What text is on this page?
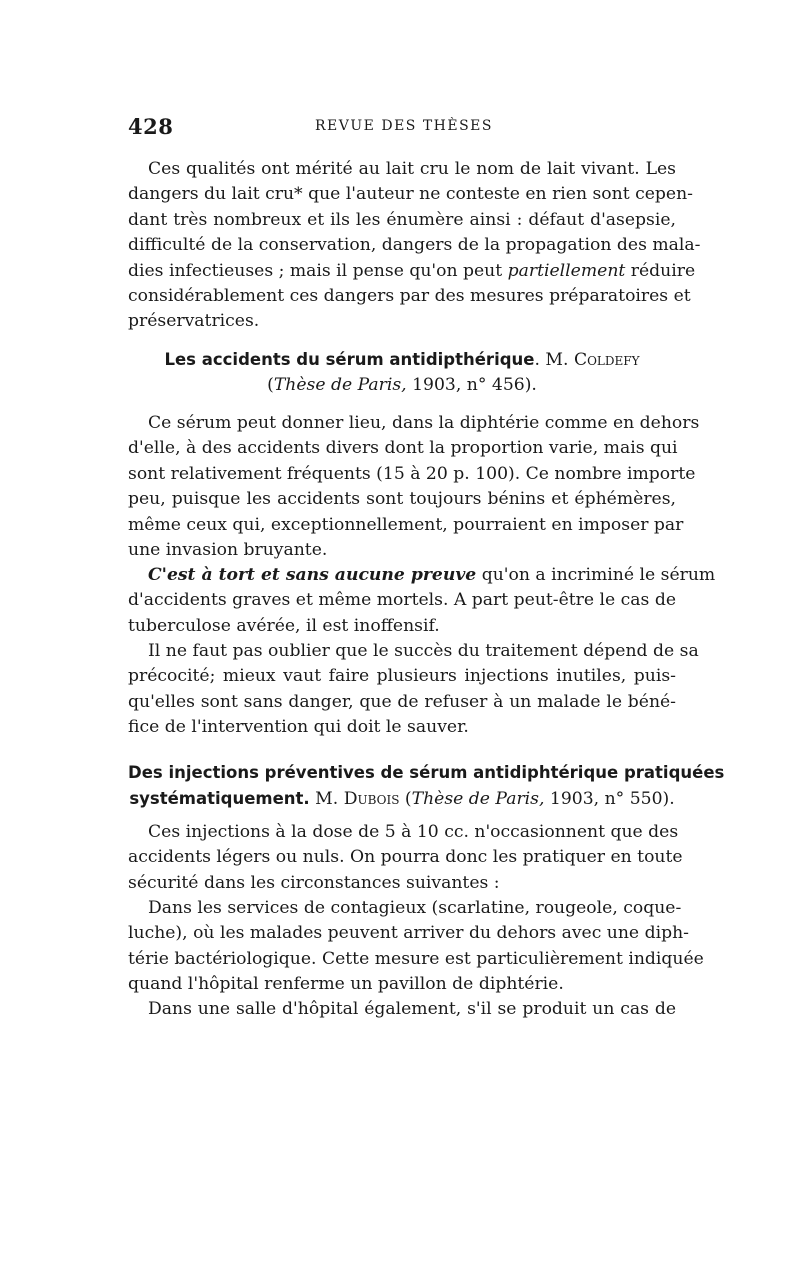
428	REVUE DES THÈSES
Ces qualités ont mérité au lait cru le nom de lait vivant. Les
dangers du lait cru* que l'auteur ne conteste en rien sont cepen-
dant très nombreux et ils les énumère ainsi : défaut d'asepsie,
difficulté de la conservation, dangers de la propagation des mala-
dies infectieuses ; mais il pense qu'on peut partiellement réduire
considérablement ces dangers par des mesures préparatoires et
préservatrices.
Les accidents du sérum antidipthérique. M. Coldefy
(Thèse de Paris, 1903, n° 456).
Ce sérum peut donner lieu, dans la diphtérie comme en dehors
d'elle, à des accidents divers dont la proportion varie, mais qui
sont relativement fréquents (15 à 20 p. 100). Ce nombre importe
peu, puisque les accidents sont toujours bénins et éphémères,
même ceux qui, exceptionnellement, pourraient en imposer par
une invasion bruyante.
C'est à tort et sans aucune preuve qu'on a incriminé le sérum
d'accidents graves et même mortels. A part peut-être le cas de
tuberculose avérée, il est inoffensif.
Il ne faut pas oublier que le succès du traitement dépend de sa
précocité; mieux vaut faire plusieurs injections inutiles, puis-
qu'elles sont sans danger, que de refuser à un malade le béné-
fice de l'intervention qui doit le sauver.
Des injections préventives de sérum antidiphtérique pratiquées
systématiquement. M. Dubois (Thèse de Paris, 1903, n° 550).
Ces injections à la dose de 5 à 10 cc. n'occasionnent que des
accidents légers ou nuls. On pourra donc les pratiquer en toute
sécurité dans les circonstances suivantes :
Dans les services de contagieux (scarlatine, rougeole, coque-
luche), où les malades peuvent arriver du dehors avec une diph-
térie bactériologique. Cette mesure est particulièrement indiquée
quand l'hôpital renferme un pavillon de diphtérie.
Dans une salle d'hôpital également, s'il se produit un cas de
